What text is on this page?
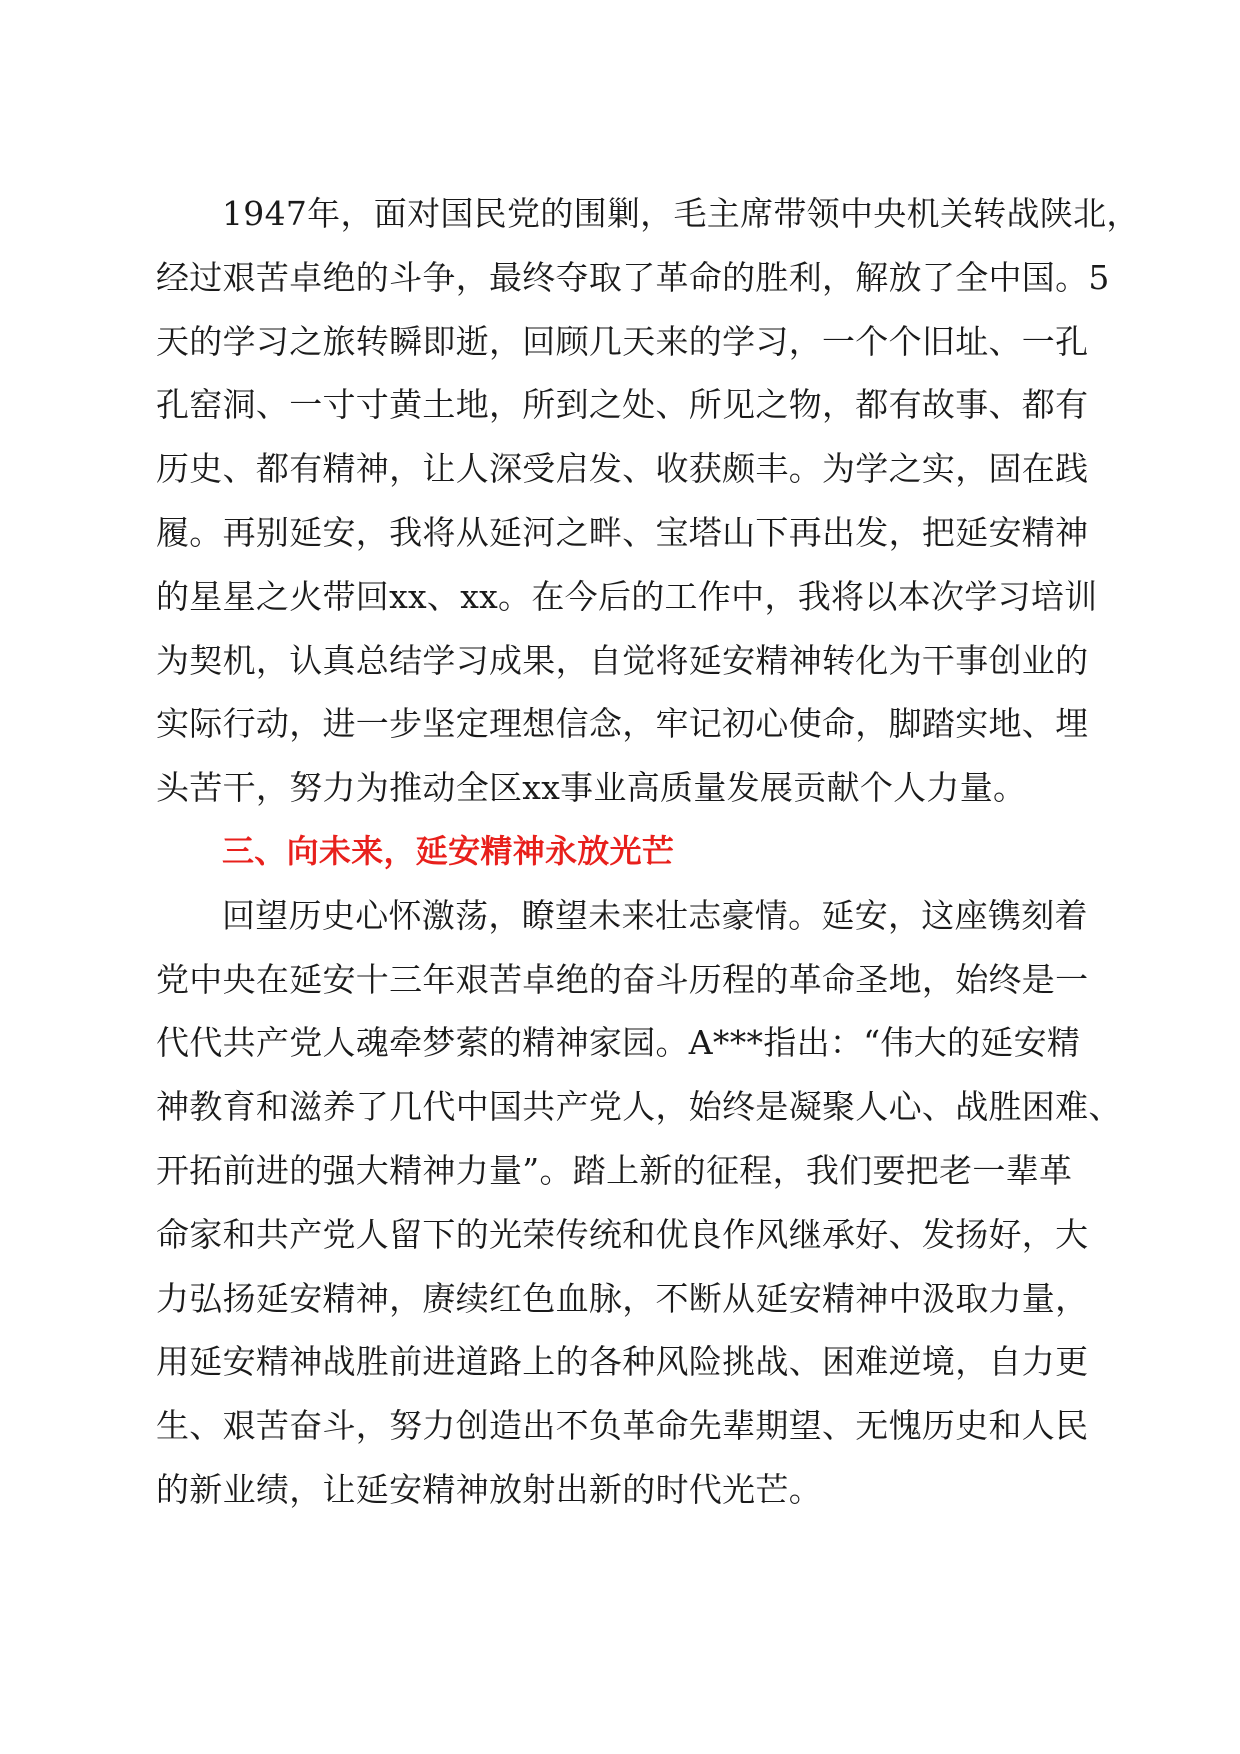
1947年，面对国民党的围剿，毛主席带领中央机关转战陕北，
经过艰苦卓绝的斗争，最终夺取了革命的胜利，解放了全中国。5
天的学习之旅转瞬即逝，回顾几天来的学习，一个个旧址、一孔
孔窑洞、一寸寸黄土地，所到之处、所见之物，都有故事、都有
历史、都有精神，让人深受启发、收获颇丰。为学之实，固在践
履。再别延安，我将从延河之畔、宝塔山下再出发，把延安精神
的星星之火带回xx、xx。在今后的工作中，我将以本次学习培训
为契机，认真总结学习成果，自觉将延安精神转化为干事创业的
实际行动，进一步坚定理想信念，牢记初心使命，脚踏实地、埋
头苦干，努力为推动全区xx事业高质量发展贡献个人力量。
三、向未来，延安精神永放光芒
回望历史心怀激荡，瞭望未来壮志豪情。延安，这座镌刻着
党中央在延安十三年艰苦卓绝的奋斗历程的革命圣地，始终是一
代代共产党人魂牵梦萦的精神家园。A***指出：“伟大的延安精
神教育和滋养了几代中国共产党人，始终是凝聚人心、战胜困难、
开拓前进的强大精神力量”。踏上新的征程，我们要把老一辈革
命家和共产党人留下的光荣传统和优良作风继承好、发扬好，大
力弘扬延安精神，赓续红色血脉，不断从延安精神中汲取力量，
用延安精神战胜前进道路上的各种风险挑战、困难逆境，自力更
生、艰苦奋斗，努力创造出不负革命先辈期望、无愧历史和人民
的新业绩，让延安精神放射出新的时代光芒。
